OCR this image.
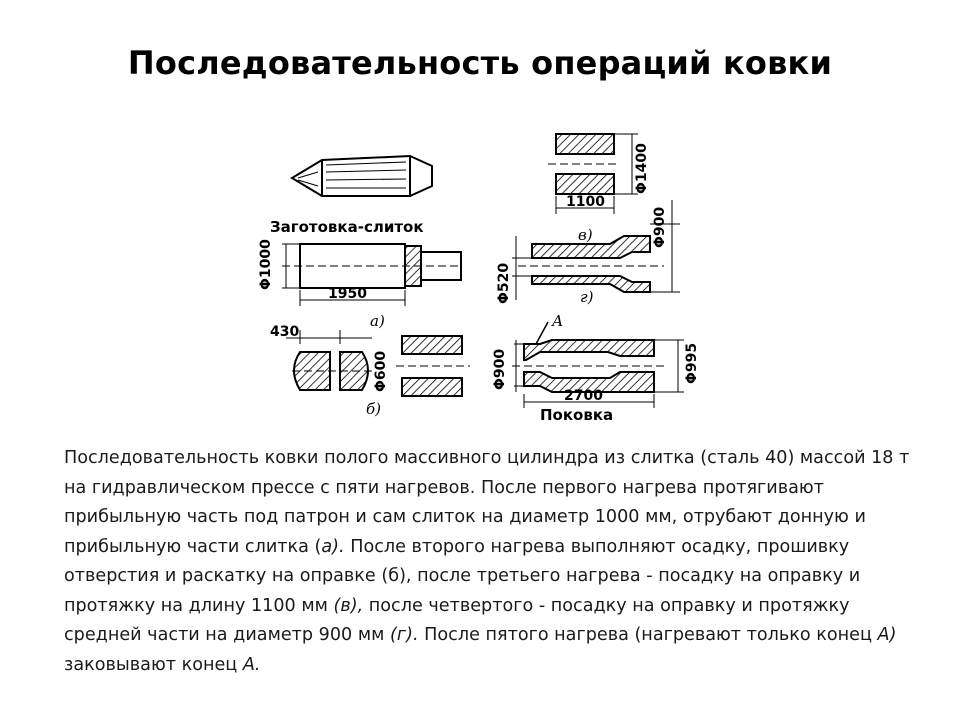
Последовательность операций ковки
Заготовка-слиток
Φ1000
1950
а)
430
Φ600
б)
Φ1400
1100
в)	Φ900
Φ520	г)
А
Φ900	Φ995
2700
Поковка
Последовательность ковки полого массивного цилиндра из слитка (сталь 40) массой 18 т на гидравлическом прессе с пяти нагревов. После первого нагрева протягивают прибыльную часть под патрон и сам слиток на диаметр 1000 мм, отрубают донную и прибыльную части слитка (а). После второго нагрева выполняют осадку, прошивку отверстия и раскатку на оправке (б), после третьего нагрева - посадку на оправку и протяжку на длину 1100 мм (в), после четвертого - посадку на оправку и протяжку средней части на диаметр 900 мм (г). После пятого нагрева (нагревают только конец А) заковывают конец А.
